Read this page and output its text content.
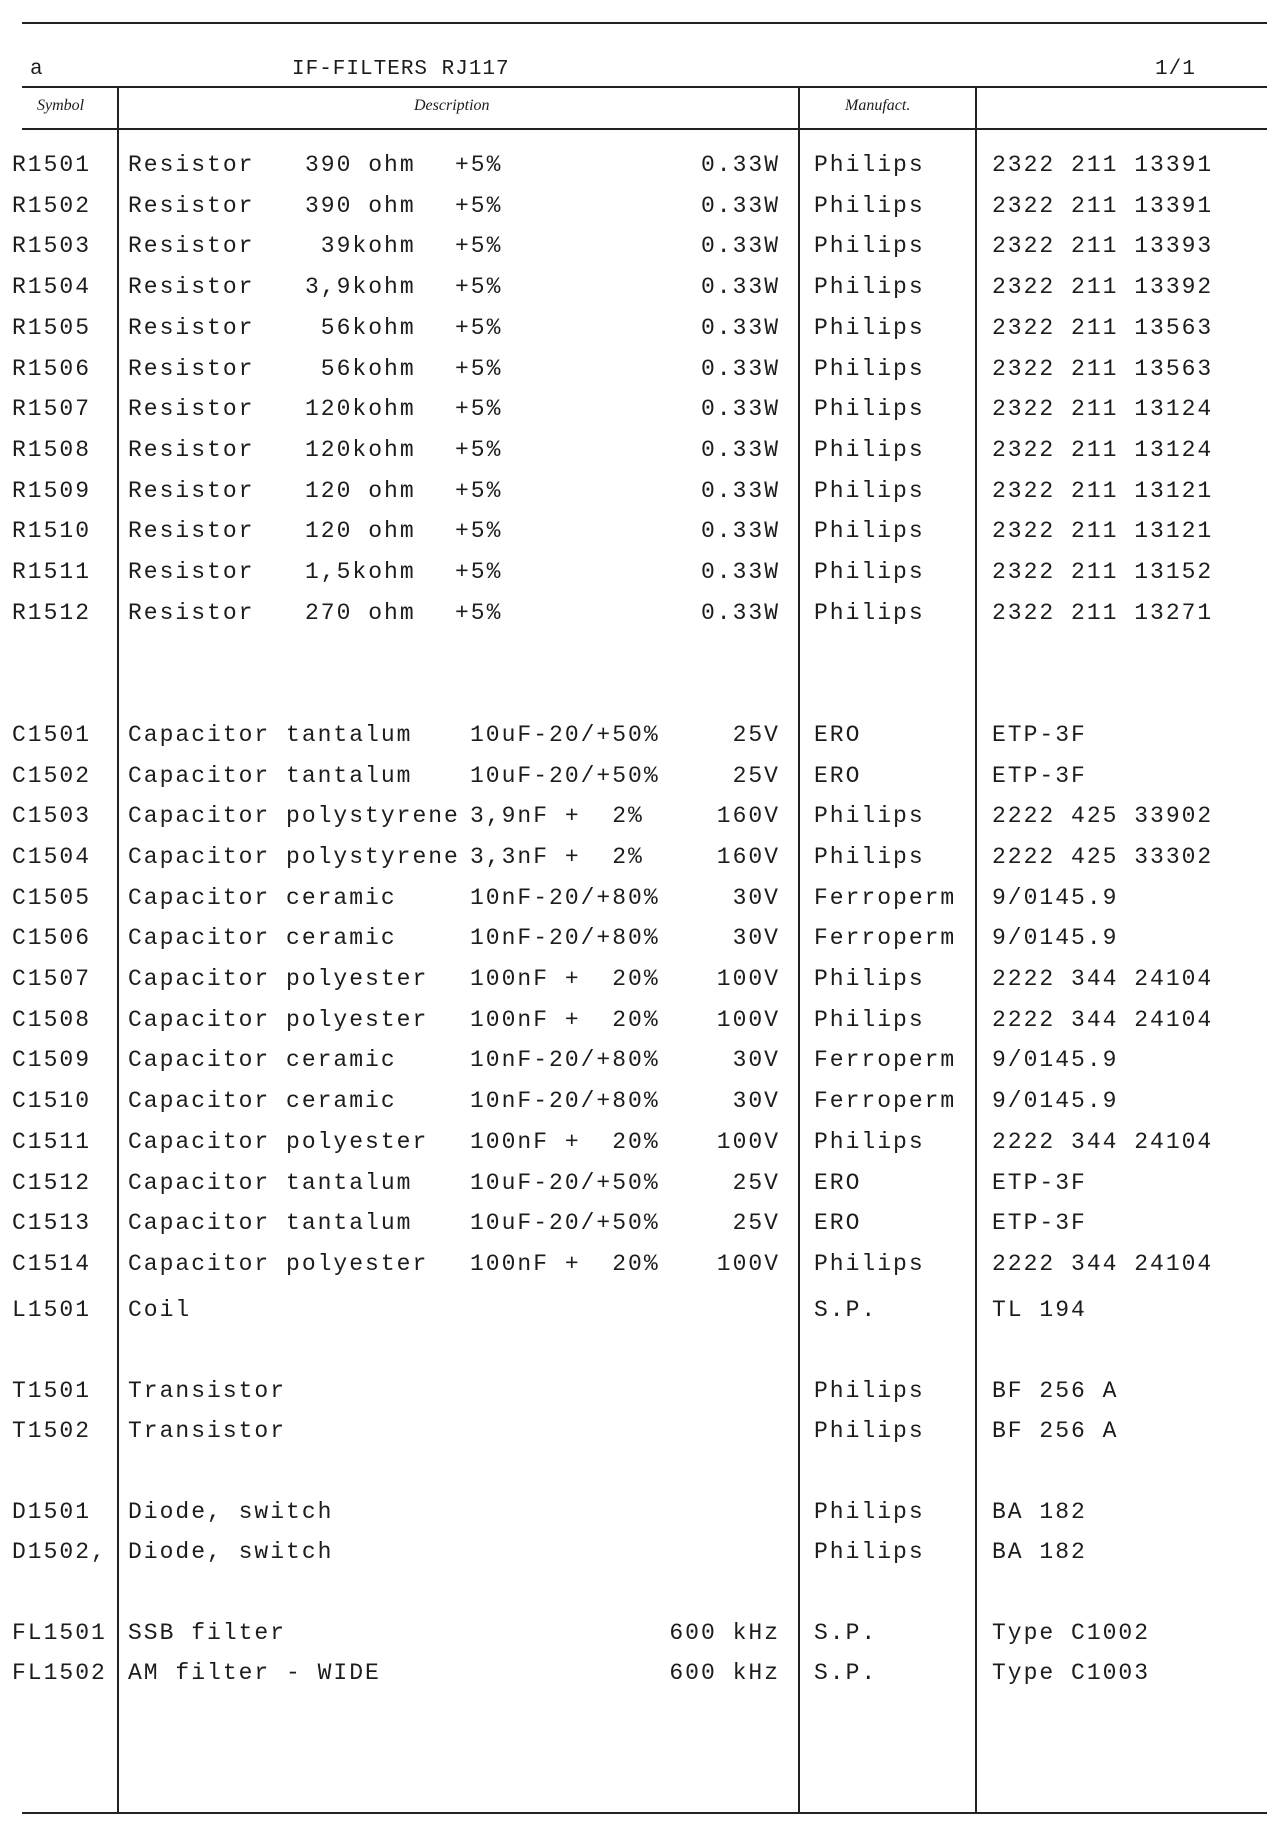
a	IF-FILTERS RJ117	1/1
Symbol	Description	Manufact.
R1501 Resistor 390 ohm +5%	0.33W Philips	2322 211 13391
R1502 Resistor 390 ohm +5%	0.33W Philips	2322 211 13391
R1503 Resistor 39kohm +5%	0.33W Philips	2322 211 13393
R1504 Resistor 3,9kohm +5%	0.33W Philips	2322 211 13392
R1505 Resistor 56kohm +5%	0.33W Philips	2322 211 13563
R1506 Resistor 56kohm +5%	0.33W Philips	2322 211 13563
R1507 Resistor 120kohm +5%	0.33W Philips	2322 211 13124
R1508 Resistor 120kohm +5%	0.33W Philips	2322 211 13124
R1509 Resistor 120 ohm +5%	0.33W Philips	2322 211 13121
R1510 Resistor 120 ohm +5%	0.33W Philips	2322 211 13121
R1511 Resistor 1,5kohm +5%	0.33W Philips	2322 211 13152
R1512 Resistor 270 ohm +5%	0.33W Philips	2322 211 13271
C1501 Capacitor tantalum	10uF-20/+50%	25V ERO	ETP-3F
C1502 Capacitor tantalum	10uF-20/+50%	25V ERO	ETP-3F
C1503 Capacitor polystyrene 3,9nF +  2%	160V Philips	2222 425 33902
C1504 Capacitor polystyrene 3,3nF +  2%	160V Philips	2222 425 33302
C1505 Capacitor ceramic	10nF-20/+80%	30V Ferroperm 9/0145.9
C1506 Capacitor ceramic	10nF-20/+80%	30V Ferroperm 9/0145.9
C1507 Capacitor polyester 100nF +  20%	100V Philips	2222 344 24104
C1508 Capacitor polyester 100nF +  20%	100V Philips	2222 344 24104
C1509 Capacitor ceramic	10nF-20/+80%	30V Ferroperm 9/0145.9
C1510 Capacitor ceramic	10nF-20/+80%	30V Ferroperm 9/0145.9
C1511 Capacitor polyester 100nF +  20%	100V Philips	2222 344 24104
C1512 Capacitor tantalum	10uF-20/+50%	25V ERO	ETP-3F
C1513 Capacitor tantalum	10uF-20/+50%	25V ERO	ETP-3F
C1514 Capacitor polyester 100nF +  20%	100V Philips	2222 344 24104
L1501 Coil	S.P.	TL 194
T1501 Transistor	Philips	BF 256 A
T1502 Transistor	Philips	BF 256 A
D1501 Diode, switch	Philips	BA 182
D1502, Diode, switch	Philips	BA 182
FL1501 SSB filter	600 kHz S.P.	Type C1002
FL1502 AM filter - WIDE	600 kHz S.P.	Type C1003
